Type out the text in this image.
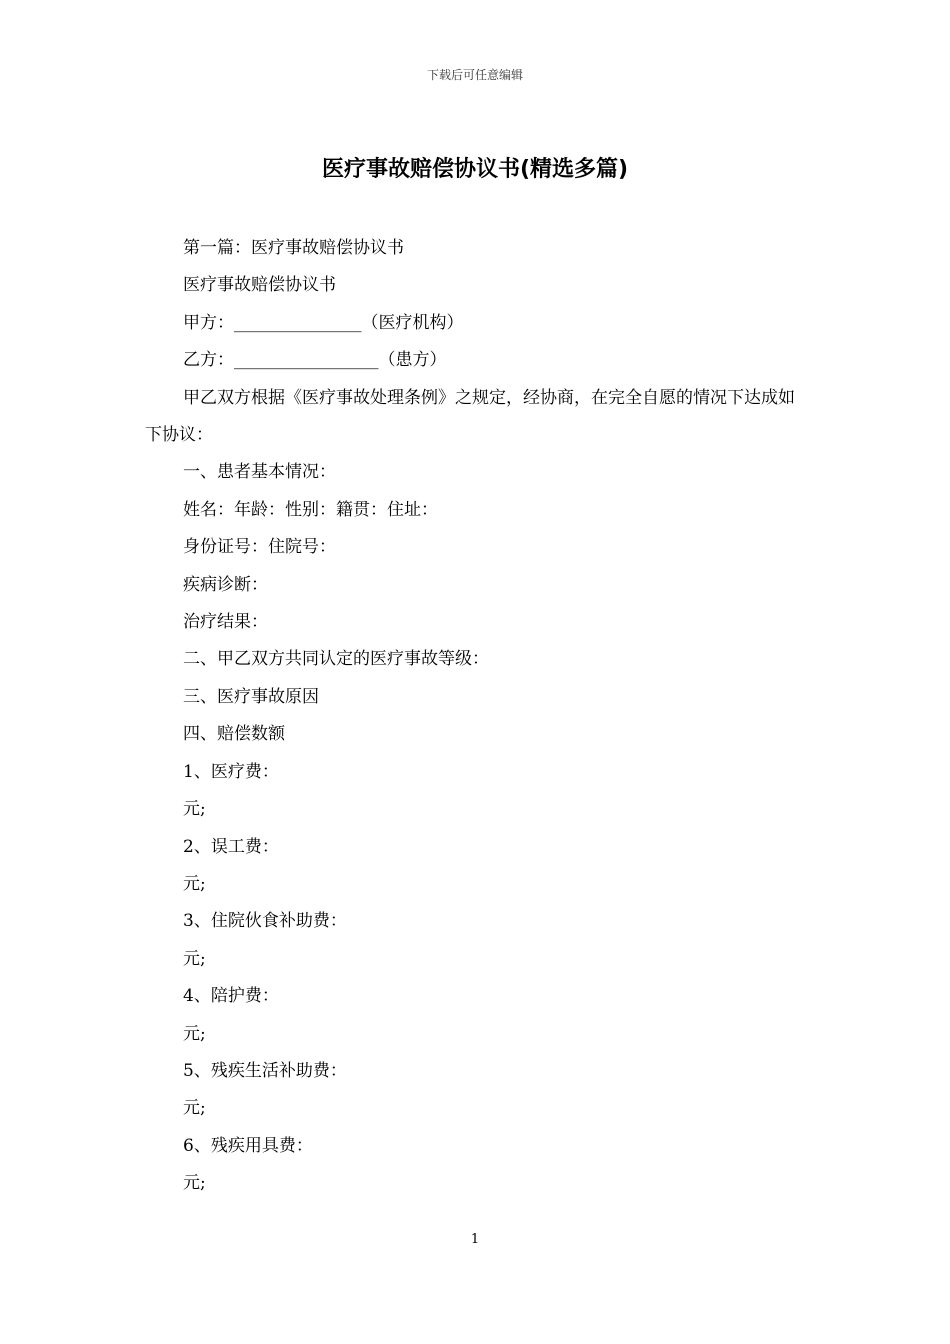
下载后可任意编辑
医疗事故赔偿协议书(精选多篇)

第一篇：医疗事故赔偿协议书

医疗事故赔偿协议书

甲方：_______________（医疗机构）

乙方：_________________（患方）

甲乙双方根据《医疗事故处理条例》之规定，经协商，在完全自愿的情况下达成如下协议：

一、患者基本情况：

姓名：年龄：性别：籍贯：住址：

身份证号：住院号：

疾病诊断：

治疗结果：

二、甲乙双方共同认定的医疗事故等级：

三、医疗事故原因

四、赔偿数额

1、医疗费：

元;

2、误工费：

元;

3、住院伙食补助费：

元;

4、陪护费：

元;

5、残疾生活补助费：

元;

6、残疾用具费：

元;

1
